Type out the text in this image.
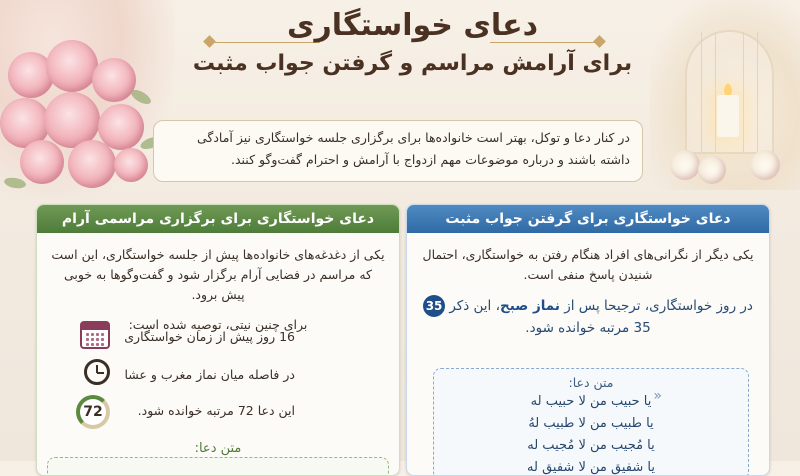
دعای خواستگاری
برای آرامش مراسم و گرفتن جواب مثبت
در کنار دعا و توکل، بهتر است خانواده‌ها برای برگزاری جلسه خواستگاری نیز آمادگی داشته باشند و درباره موضوعات مهم ازدواج با آرامش و احترام گفت‌وگو کنند.
دعای خواستگاری برای گرفتن جواب مثبت
یکی دیگر از نگرانی‌های افراد هنگام رفتن به خواستگاری، احتمال شنیدن پاسخ منفی است.
در روز خواستگاری، ترجیحا پس از نماز صبح، این ذکر 35 35 مرتبه خوانده شود.
متن دعا:
«
یا حبیب من لا حبیب له
یا طبیب من لا طبیب لهُ
یا مُجیب من لا مُجیب له
یا شفیق من لا شفیق له
دعای خواستگاری برای برگزاری مراسمی آرام
یکی از دغدغه‌های خانواده‌ها پیش از جلسه خواستگاری، این است که مراسم در فضایی آرام برگزار شود و گفت‌وگوها به خوبی پیش برود.
برای چنین نیتی، توصیه شده است:
16 روز پیش از زمان خواستگاری
در فاصله میان نماز مغرب و عشا
72	این دعا 72 مرتبه خوانده شود.
متن دعا:
